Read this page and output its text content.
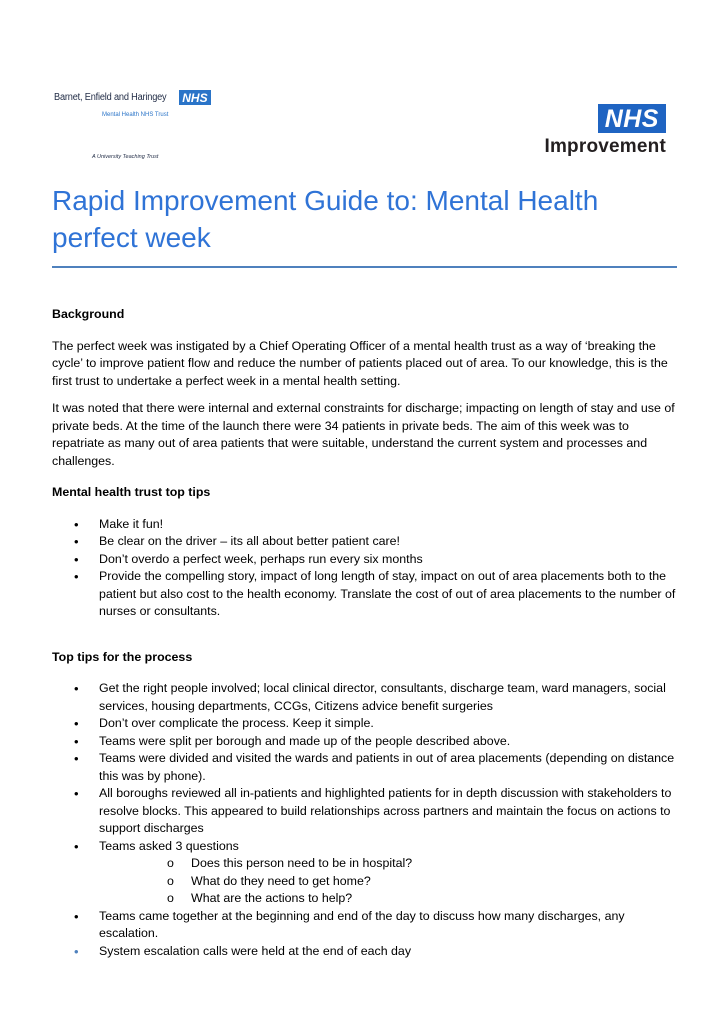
Barnet, Enfield and Haringey NHS
Mental Health NHS Trust
A University Teaching Trust
NHS
Improvement
Rapid Improvement Guide to: Mental Health
perfect week

Background

The perfect week was instigated by a Chief Operating Officer of a mental health trust as a way of ‘breaking the cycle’ to improve patient flow and reduce the number of patients placed out of area. To our knowledge, this is the first trust to undertake a perfect week in a mental health setting.

It was noted that there were internal and external constraints for discharge; impacting on length of stay and use of private beds. At the time of the launch there were 34 patients in private beds. The aim of this week was to repatriate as many out of area patients that were suitable, understand the current system and processes and challenges.

Mental health trust top tips

• Make it fun!
• Be clear on the driver – its all about better patient care!
• Don’t overdo a perfect week, perhaps run every six months
• Provide the compelling story, impact of long length of stay, impact on out of area placements both to the patient but also cost to the health economy. Translate the cost of out of area placements to the number of nurses or consultants.

Top tips for the process

• Get the right people involved; local clinical director, consultants, discharge team, ward managers, social services, housing departments, CCGs, Citizens advice benefit surgeries
• Don’t over complicate the process. Keep it simple.
• Teams were split per borough and made up of the people described above.
• Teams were divided and visited the wards and patients in out of area placements (depending on distance this was by phone).
• All boroughs reviewed all in-patients and highlighted patients for in depth discussion with stakeholders to resolve blocks. This appeared to build relationships across partners and maintain the focus on actions to support discharges
• Teams asked 3 questions
o Does this person need to be in hospital?
o What do they need to get home?
o What are the actions to help?
• Teams came together at the beginning and end of the day to discuss how many discharges, any escalation.
• System escalation calls were held at the end of each day
